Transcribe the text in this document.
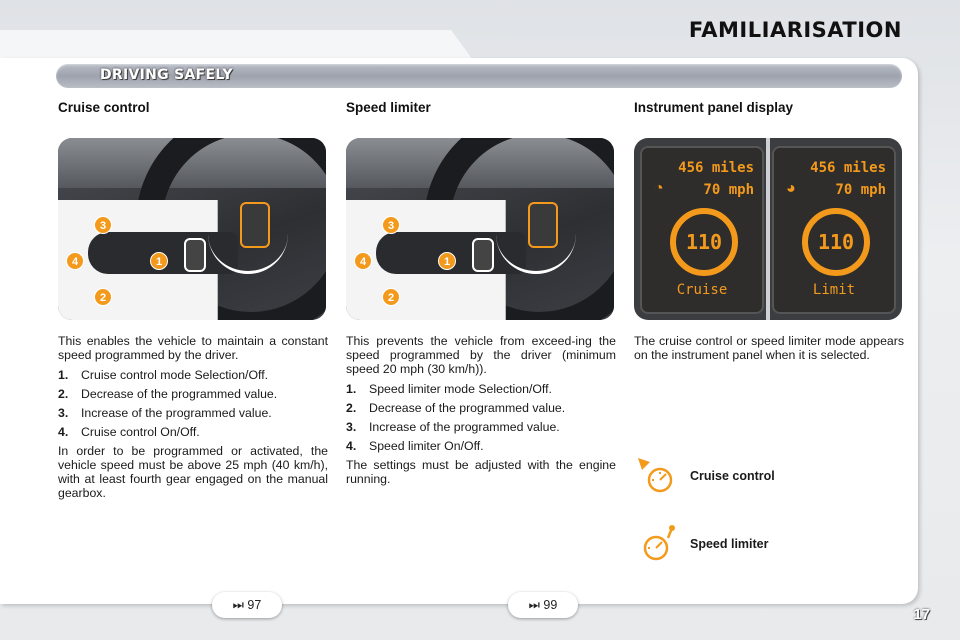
FAMILIARISATION
DRIVING SAFELY
Cruise control
3
4	1
2
This enables the vehicle to maintain a constant speed programmed by the driver.
1.	Cruise control mode Selection/Off.
2.	Decrease of the programmed value.
3.	Increase of the programmed value.
4.	Cruise control On/Off.
In order to be programmed or activated, the vehicle speed must be above 25 mph (40 km/h), with at least fourth gear engaged on the manual gearbox.
Speed limiter
3
4	1
2
This prevents the vehicle from exceed-ing the speed programmed by the driver (minimum speed 20 mph (30 km/h)).
1.	Speed limiter mode Selection/Off.
2.	Decrease of the programmed value.
3.	Increase of the programmed value.
4.	Speed limiter On/Off.
The settings must be adjusted with the engine running.
Instrument panel display
456 miles
◔	70 mph
110
Cruise
456 miles
◕	70 mph
110
Limit
The cruise control or speed limiter mode appears on the instrument panel when it is selected.
Cruise control
Speed limiter
⏭ 97	⏭ 99
17
